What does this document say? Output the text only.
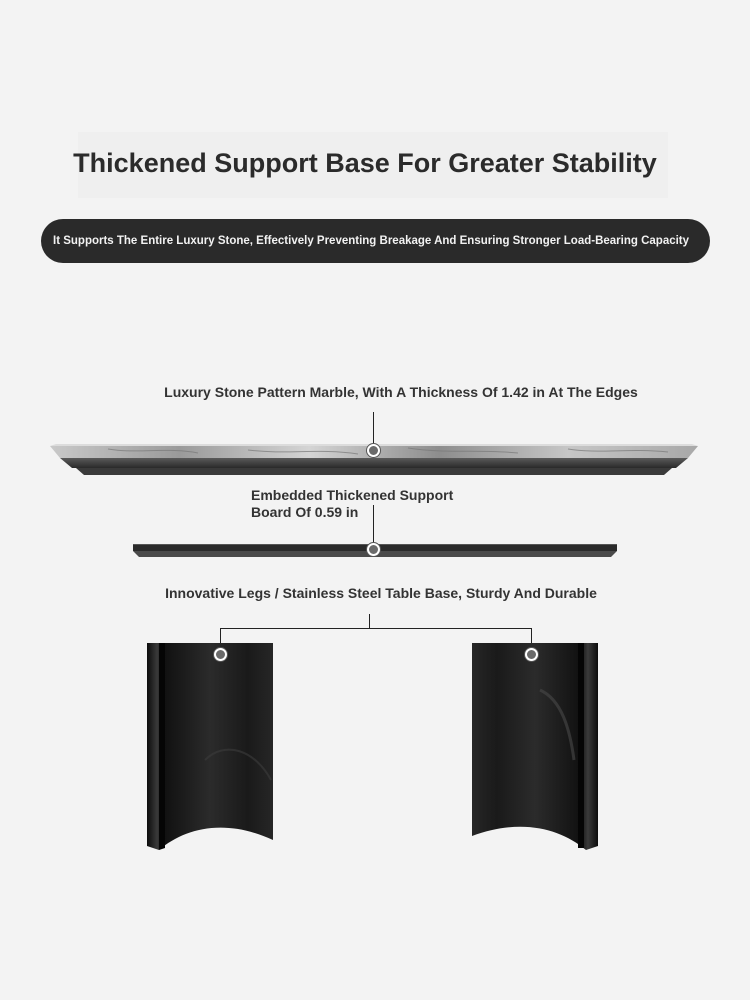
Thickened Support Base For Greater Stability
It Supports The Entire Luxury Stone, Effectively Preventing Breakage And Ensuring Stronger Load-Bearing Capacity

Luxury Stone Pattern Marble, With A Thickness Of 1.42 in At The Edges

Embedded Thickened Support
Board Of 0.59 in

Innovative Legs / Stainless Steel Table Base, Sturdy And Durable
